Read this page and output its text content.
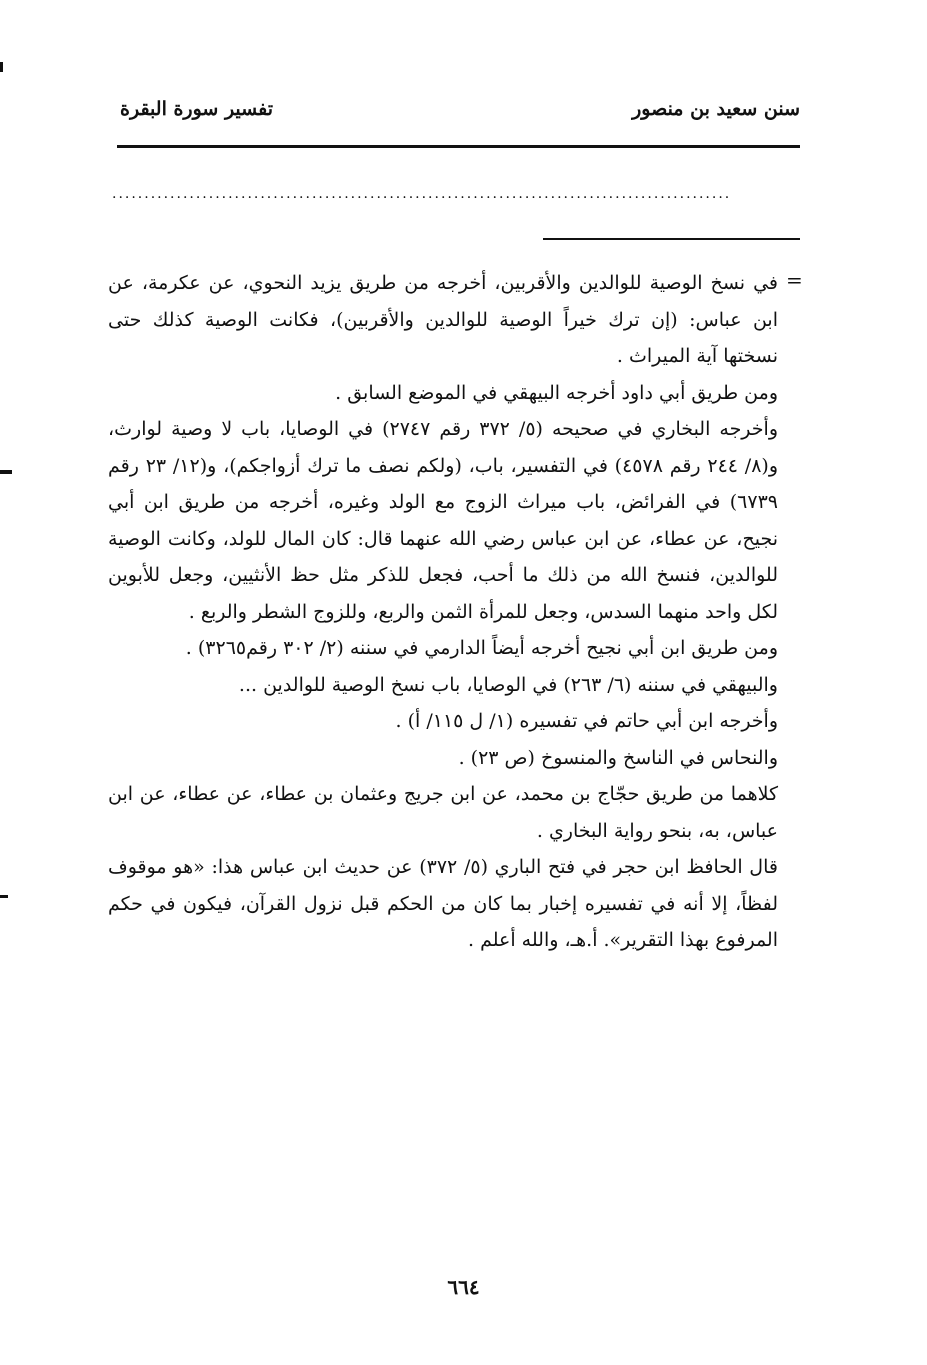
سنن سعيد بن منصور
تفسير سورة البقرة
................................................................................................
=

في نسخ الوصية للوالدين والأقربين، أخرجه من طريق يزيد النحوي، عن عكرمة، عن ابن عباس: (إن ترك خيراً الوصية للوالدين والأقربين)، فكانت الوصية كذلك حتى نسختها آية الميراث .

ومن طريق أبي داود أخرجه البيهقي في الموضع السابق .

وأخرجه البخاري في صحيحه (٥/ ٣٧٢ رقم ٢٧٤٧) في الوصايا، باب لا وصية لوارث، و(٨/ ٢٤٤ رقم ٤٥٧٨) في التفسير، باب، (ولكم نصف ما ترك أزواجكم)، و(١٢/ ٢٣ رقم ٦٧٣٩) في الفرائض، باب ميراث الزوج مع الولد وغيره، أخرجه من طريق ابن أبي نجيح، عن عطاء، عن ابن عباس رضي الله عنهما قال: كان المال للولد، وكانت الوصية للوالدين، فنسخ الله من ذلك ما أحب، فجعل للذكر مثل حظ الأنثيين، وجعل للأبوين لكل واحد منهما السدس، وجعل للمرأة الثمن والربع، وللزوج الشطر والربع .

ومن طريق ابن أبي نجيح أخرجه أيضاً الدارمي في سننه (٢/ ٣٠٢ رقم٣٢٦٥) .

والبيهقي في سننه (٦/ ٢٦٣) في الوصايا، باب نسخ الوصية للوالدين ...

وأخرجه ابن أبي حاتم في تفسيره (١/ ل ١١٥/ أ) .

والنحاس في الناسخ والمنسوخ (ص ٢٣) .

كلاهما من طريق حجّاج بن محمد، عن ابن جريج وعثمان بن عطاء، عن عطاء، عن ابن عباس، به، بنحو رواية البخاري .

قال الحافظ ابن حجر في فتح الباري (٥/ ٣٧٢) عن حديث ابن عباس هذا: «هو موقوف لفظاً، إلا أنه في تفسيره إخبار بما كان من الحكم قبل نزول القرآن، فيكون في حكم المرفوع بهذا التقرير». أ.هـ، والله أعلم .

٦٦٤
